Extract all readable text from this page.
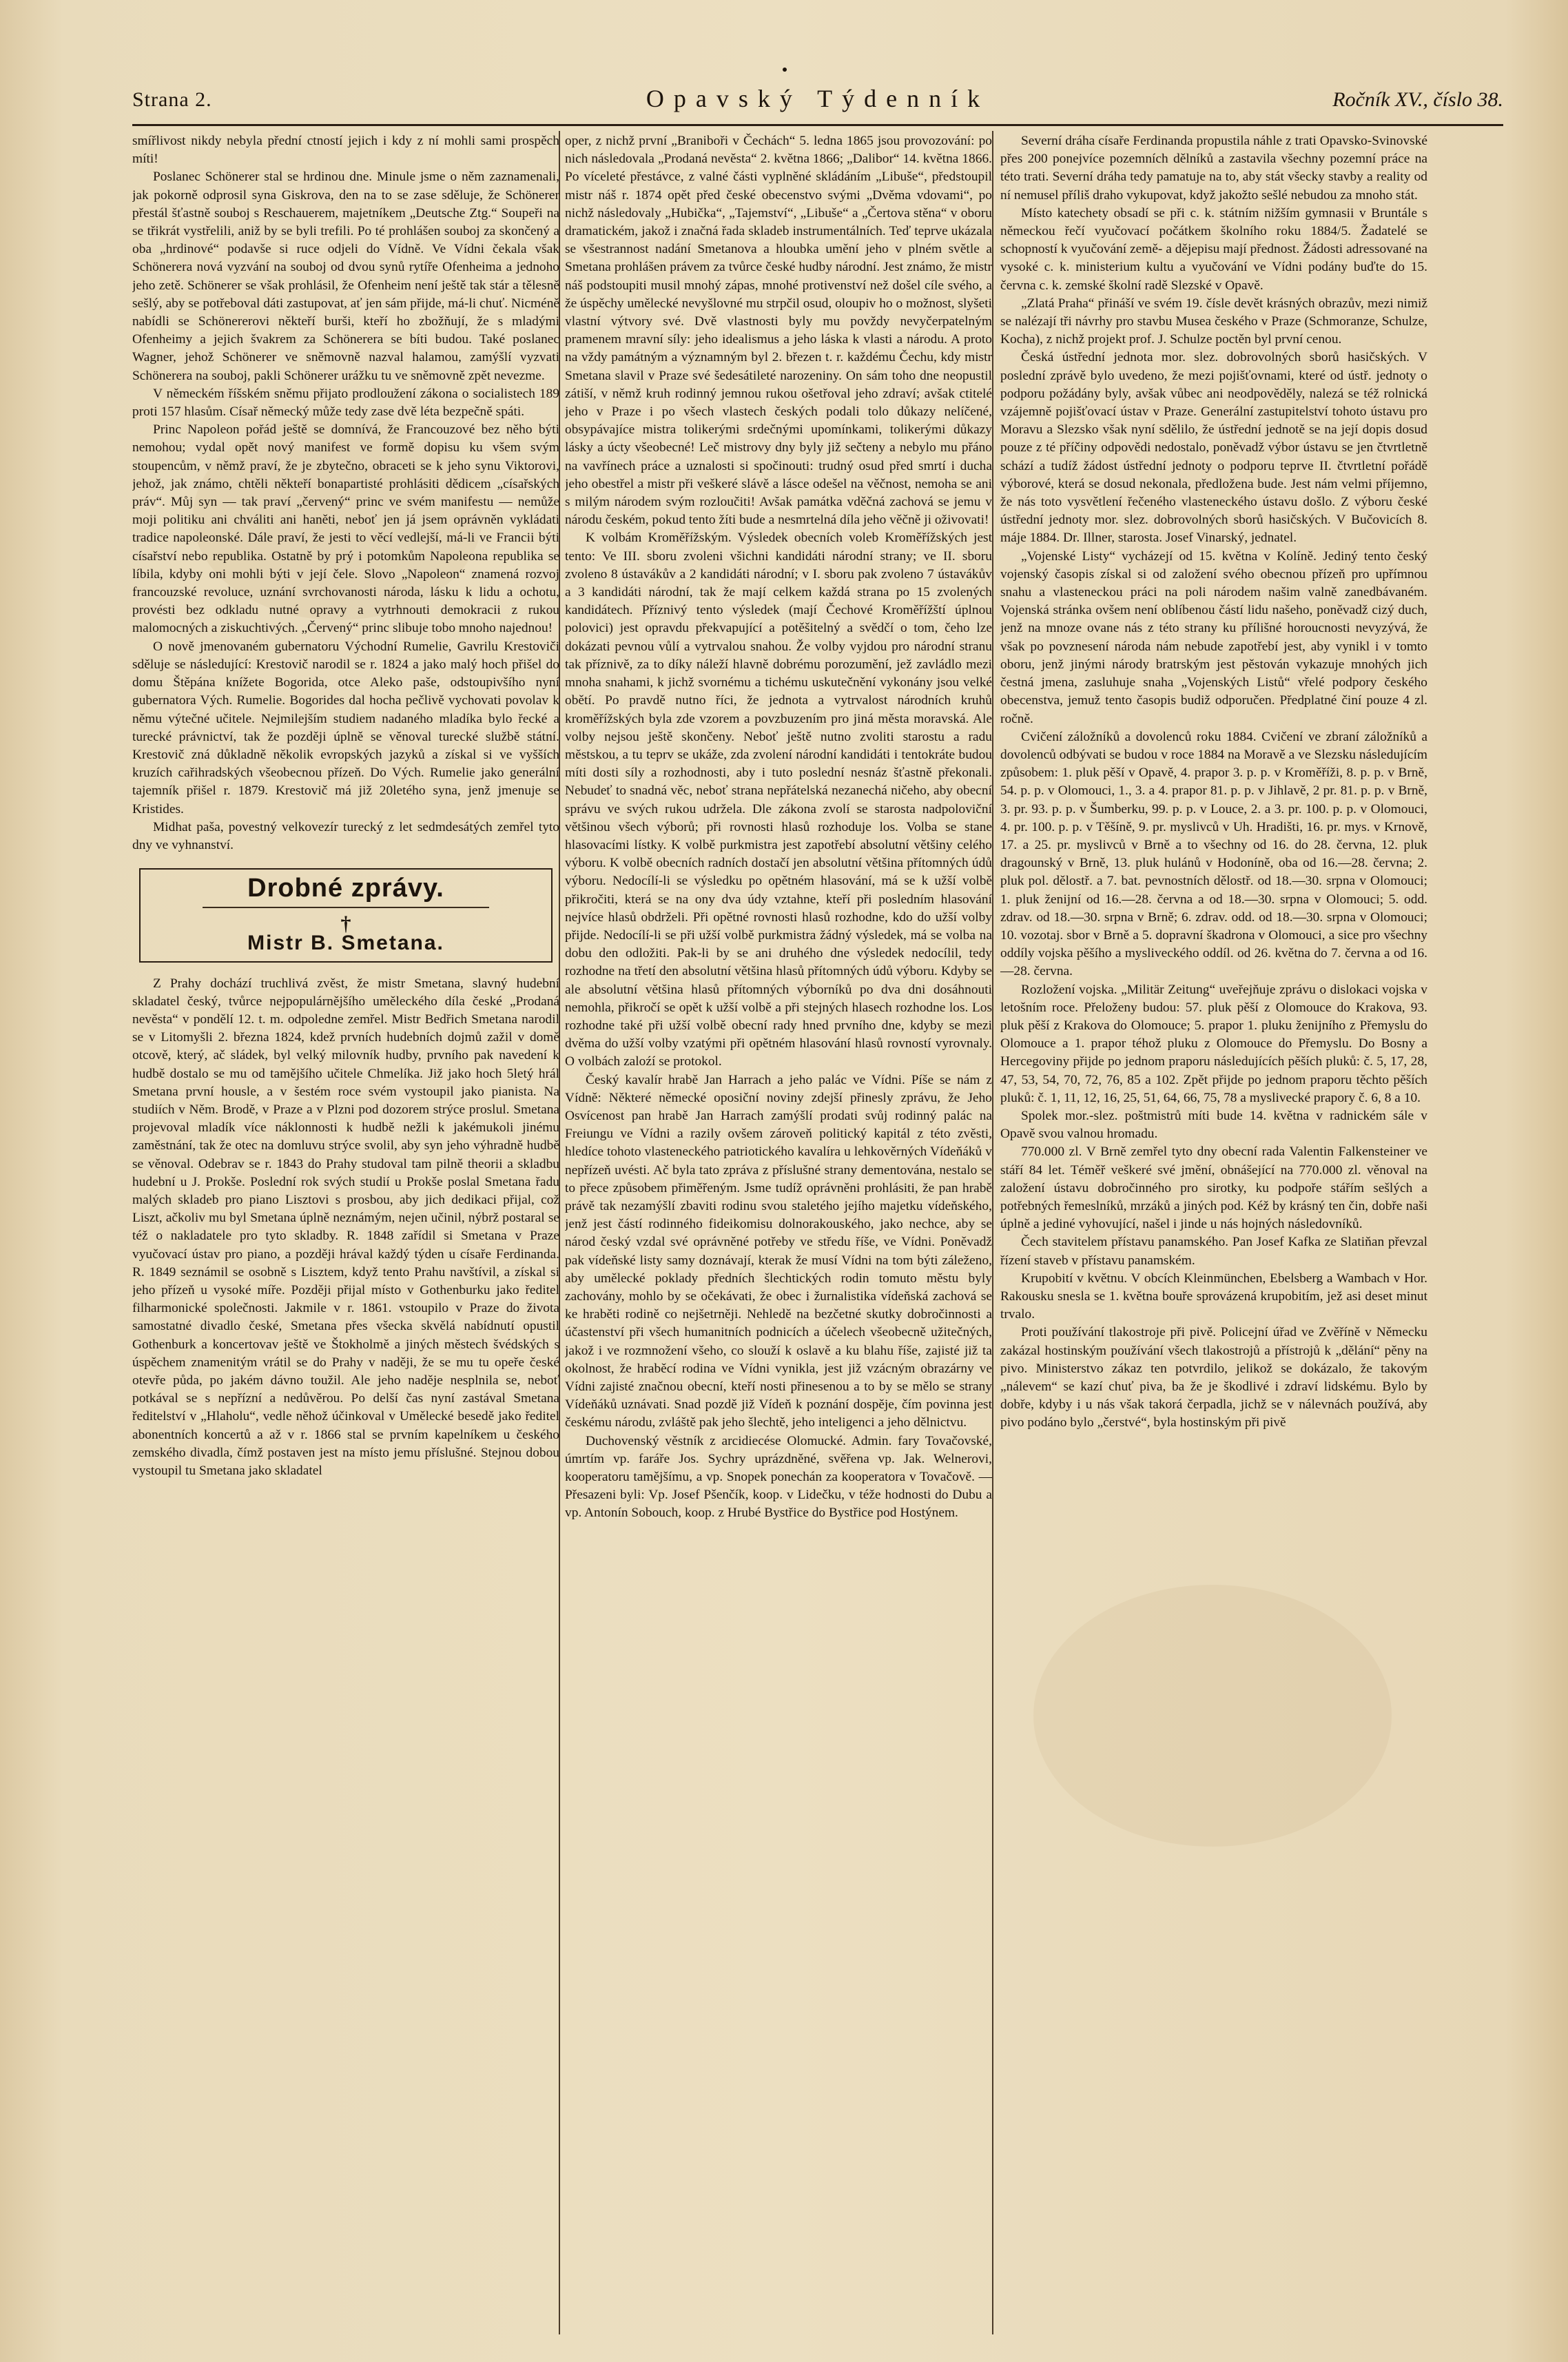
Strana 2.	Opavský Týdenník	Ročník XV., číslo 38.

smířlivost nikdy nebyla přední ctností jejich i kdy z ní mohli sami prospěch míti!

Poslanec Schönerer stal se hrdinou dne. Minule jsme o něm zaznamenali, jak pokorně odprosil syna Giskrova, den na to se zase sděluje, že Schönerer přestál šťastně souboj s Reschauerem, majetníkem „Deutsche Ztg.“ Soupeři na se třikrát vystřelili, aniž by se byli trefili. Po té prohlášen souboj za skončený a oba „hrdinové“ podavše si ruce odjeli do Vídně. Ve Vídni čekala však Schönerera nová vyzvání na souboj od dvou synů rytíře Ofenheima a jednoho jeho zetě. Schönerer se však prohlásil, že Ofenheim není ještě tak stár a tělesně sešlý, aby se potřeboval dáti zastupovat, ať jen sám přijde, má-li chuť. Nicméně nabídli se Schönererovi někteří burši, kteří ho zbožňují, že s mladými Ofenheimy a jejich švakrem za Schönerera se bíti budou. Také poslanec Wagner, jehož Schönerer ve sněmovně nazval halamou, zamýšlí vyzvati Schönerera na souboj, pakli Schönerer urážku tu ve sněmovně zpět nevezme.

V německém říšském sněmu přijato prodloužení zákona o socialistech 189 proti 157 hlasům. Císař německý může tedy zase dvě léta bezpečně spáti.

Princ Napoleon pořád ještě se domnívá, že Francouzové bez něho býti nemohou; vydal opět nový manifest ve formě dopisu ku všem svým stoupencům, v němž praví, že je zbytečno, obraceti se k jeho synu Viktorovi, jehož, jak známo, chtěli někteří bonapartisté prohlásiti dědicem „císařských práv“. Můj syn — tak praví „červený“ princ ve svém manifestu — nemůže moji politiku ani chváliti ani haněti, neboť jen já jsem oprávněn vykládati tradice napoleonské. Dále praví, že jesti to věcí vedlejší, má-li ve Francii býti císařství nebo republika. Ostatně by prý i potomkům Napoleona republika se líbila, kdyby oni mohli býti v její čele. Slovo „Napoleon“ znamená rozvoj francouzské revoluce, uznání svrchovanosti národa, lásku k lidu a ochotu, provésti bez odkladu nutné opravy a vytrhnouti demokracii z rukou malomocných a ziskuchtivých. „Červený“ princ slibuje tobo mnoho najednou!

O nově jmenovaném gubernatoru Východní Rumelie, Gavrilu Krestoviči sděluje se následující: Krestovič narodil se r. 1824 a jako malý hoch přišel do domu Štěpána knížete Bogorida, otce Aleko paše, odstoupivšího nyní gubernatora Vých. Rumelie. Bogorides dal hocha pečlivě vychovati povolav k němu výtečné učitele. Nejmilejším studiem nadaného mladíka bylo řecké a turecké právnictví, tak že později úplně se věnoval turecké službě státní. Krestovič zná důkladně několik evropských jazyků a získal si ve vyšších kruzích cařihradských všeobecnou přízeň. Do Vých. Rumelie jako generální tajemník přišel r. 1879. Krestovič má již 20letého syna, jenž jmenuje se Kristides.

Midhat paša, povestný velkovezír turecký z let sedmdesátých zemřel tyto dny ve vyhnanství.

Drobné zprávy.
†
Mistr B. Smetana.

Z Prahy dochází truchlivá zvěst, že mistr Smetana, slavný hudební skladatel český, tvůrce nejpopulárnějšího uměleckého díla české „Prodaná nevěsta“ v pondělí 12. t. m. odpoledne zemřel. Mistr Bedřich Smetana narodil se v Litomyšli 2. března 1824, kdež prvních hudebních dojmů zažil v domě otcově, který, ač sládek, byl velký milovník hudby, prvního pak navedení k hudbě dostalo se mu od tamějšího učitele Chmelíka. Již jako hoch 5letý hrál Smetana první housle, a v šestém roce svém vystoupil jako pianista. Na studiích v Něm. Brodě, v Praze a v Plzni pod dozorem strýce proslul. Smetana projevoval mladík více náklonnosti k hudbě nežli k jakémukoli jinému zaměstnání, tak že otec na domluvu strýce svolil, aby syn jeho výhradně hudbě se věnoval. Odebrav se r. 1843 do Prahy studoval tam pilně theorii a skladbu hudební u J. Prokše. Poslední rok svých studií u Prokše poslal Smetana řadu malých skladeb pro piano Lisztovi s prosbou, aby jich dedikaci přijal, což Liszt, ačkoliv mu byl Smetana úplně neznámým, nejen učinil, nýbrž postaral se též o nakladatele pro tyto skladby. R. 1848 zařídil si Smetana v Praze vyučovací ústav pro piano, a později hrával každý týden u císaře Ferdinanda. R. 1849 seznámil se osobně s Lisztem, když tento Prahu navštívil, a získal si jeho přízeň u vysoké míře. Později přijal místo v Gothenburku jako ředitel filharmonické společnosti. Jakmile v r. 1861. vstoupilo v Praze do života samostatné divadlo české, Smetana přes všecka skvělá nabídnutí opustil Gothenburk a koncertovav ještě ve Štokholmě a jiných městech švédských s úspěchem znamenitým vrátil se do Prahy v naději, že se mu tu opeře české otevře půda, po jakém dávno toužil. Ale jeho naděje nesplnila se, neboť potkával se s nepřízní a nedůvěrou. Po delší čas nyní zastával Smetana ředitelství v „Hlaholu“, vedle něhož účinkoval v Umělecké besedě jako ředitel abonentních koncertů a až v r. 1866 stal se prvním kapelníkem u českého zemského divadla, čímž postaven jest na místo jemu příslušné. Stejnou dobou vystoupil tu Smetana jako skladatel

oper, z nichž první „Braniboři v Čechách“ 5. ledna 1865 jsou provozování: po nich následovala „Prodaná nevěsta“ 2. května 1866; „Dalibor“ 14. května 1866. Po víceleté přestávce, z valné části vyplněné skládáním „Libuše“, předstoupil mistr náš r. 1874 opět před české obecenstvo svými „Dvěma vdovami“, po nichž následovaly „Hubička“, „Tajemství“, „Libuše“ a „Čertova stěna“ v oboru dramatickém, jakož i značná řada skladeb instrumentálních. Teď teprve ukázala se všestrannost nadání Smetanova a hloubka umění jeho v plném světle a Smetana prohlášen právem za tvůrce české hudby národní. Jest známo, že mistr náš podstoupiti musil mnohý zápas, mnohé protivenství než došel cíle svého, a že úspěchy umělecké nevyšlovné mu strpčil osud, oloupiv ho o možnost, slyšeti vlastní výtvory své. Dvě vlastnosti byly mu povždy nevyčerpatelným pramenem mravní síly: jeho idealismus a jeho láska k vlasti a národu. A proto na vždy památným a významným byl 2. březen t. r. každému Čechu, kdy mistr Smetana slavil v Praze své šedesátileté narozeniny. On sám toho dne neopustil zátiší, v němž kruh rodinný jemnou rukou ošetřoval jeho zdraví; avšak ctitelé jeho v Praze i po všech vlastech českých podali tolo důkazy nelíčené, obsypávajíce mistra tolikerými srdečnými upomínkami, tolikerými důkazy lásky a úcty všeobecné! Leč mistrovy dny byly již sečteny a nebylo mu přáno na vavřínech práce a uznalosti si spočinouti: trudný osud před smrtí i ducha jeho obestřel a mistr při veškeré slávě a lásce odešel na věčnost, nemoha se ani s milým národem svým rozloučiti! Avšak památka vděčná zachová se jemu v národu českém, pokud tento žíti bude a nesmrtelná díla jeho věčně ji oživovati!

K volbám Kroměřížským. Výsledek obecních voleb Kroměřížských jest tento: Ve III. sboru zvoleni všichni kandidáti národní strany; ve II. sboru zvoleno 8 ústavákův a 2 kandidáti národní; v I. sboru pak zvoleno 7 ústavákův a 3 kandidáti národní, tak že mají celkem každá strana po 15 zvolených kandidátech. Příznivý tento výsledek (mají Čechové Kroměřížští úplnou polovici) jest opravdu překvapující a potěšitelný a svědčí o tom, čeho lze dokázati pevnou vůlí a vytrvalou snahou. Že volby vyjdou pro národní stranu tak příznivě, za to díky náleží hlavně dobrému porozumění, jež zavládlo mezi mnoha snahami, k jichž svornému a tichému uskutečnění vykonány jsou velké obětí. Po pravdě nutno říci, že jednota a vytrvalost národních kruhů kroměřížských byla zde vzorem a povzbuzením pro jiná města moravská. Ale volby nejsou ještě skončeny. Neboť ještě nutno zvoliti starostu a radu městskou, a tu teprv se ukáže, zda zvolení národní kandidáti i tentokráte budou míti dosti síly a rozhodnosti, aby i tuto poslední nesnáz šťastně překonali. Nebudeť to snadná věc, neboť strana nepřátelská nezanechá ničeho, aby obecní správu ve svých rukou udržela. Dle zákona zvolí se starosta nadpoloviční většinou všech výborů; při rovnosti hlasů rozhoduje los. Volba se stane hlasovacími lístky. K volbě purkmistra jest zapotřebí absolutní většiny celého výboru. K volbě obecních radních dostačí jen absolutní většina přítomných údů výboru. Nedocílí-li se výsledku po opětném hlasování, má se k užší volbě přikročiti, která se na ony dva údy vztahne, kteří při posledním hlasování nejvíce hlasů obdrželi. Při opětné rovnosti hlasů rozhodne, kdo do užší volby přijde. Nedocílí-li se při užší volbě purkmistra žádný výsledek, má se volba na dobu den odložiti. Pak-li by se ani druhého dne výsledek nedocílil, tedy rozhodne na třetí den absolutní většina hlasů přítomných údů výboru. Kdyby se ale absolutní většina hlasů přítomných výborníků po dva dni dosáhnouti nemohla, přikročí se opět k užší volbě a při stejných hlasech rozhodne los. Los rozhodne také při užší volbě obecní rady hned prvního dne, kdyby se mezi dvěma do užší volby vzatými při opětném hlasování hlasů rovností vyrovnaly. O volbách zaloźí se protokol.

Český kavalír hrabě Jan Harrach a jeho palác ve Vídni. Píše se nám z Vídně: Některé německé oposiční noviny zdejší přinesly zprávu, že Jeho Osvícenost pan hrabě Jan Harrach zamýšlí prodati svůj rodinný palác na Freiungu ve Vídni a razily ovšem zároveň politický kapitál z této zvěsti, hledíce tohoto vlasteneckého patriotického kavalíra u lehkověrných Vídeňáků v nepřízeň uvésti. Ač byla tato zpráva z příslušné strany dementována, nestalo se to přece způsobem přiměřeným. Jsme tudíž oprávněni prohlásiti, že pan hrabě právě tak nezamýšlí zbaviti rodinu svou staletého jejího majetku vídeňského, jenž jest částí rodinného fideikomisu dolnorakouského, jako nechce, aby se národ český vzdal své oprávněné potřeby ve středu říše, ve Vídni. Poněvadž pak vídeňské listy samy doznávají, kterak že musí Vídni na tom býti záleženo, aby umělecké poklady předních šlechtických rodin tomuto městu byly zachovány, mohlo by se očekávati, že obec i žurnalistika vídeňská zachová se ke hraběti rodině co nejšetrněji. Nehledě na bezčetné skutky dobročinnosti a účastenství při všech humanitních podnicích a účelech všeobecně užitečných, jakož i ve rozmnožení všeho, co slouží k oslavě a ku blahu říše, zajisté již ta okolnost, že hraběcí rodina ve Vídni vynikla, jest již vzácným obrazárny ve Vídni zajisté značnou obecní, kteří nosti přinesenou a to by se mělo se strany Vídeňáků uznávati. Snad pozdě již Vídeň k poznání dospěje, čím povinna jest českému národu, zvláště pak jeho šlechtě, jeho inteligenci a jeho dělnictvu.

Duchovenský věstník z arcidiecése Olomucké. Admin. fary Tovačovské, úmrtím vp. faráře Jos. Sychry uprázdněné, svěřena vp. Jak. Welnerovi, kooperatoru tamějšímu, a vp. Snopek ponechán za kooperatora v Tovačově. — Přesazeni byli: Vp. Josef Pšenčík, koop. v Lidečku, v téže hodnosti do Dubu a vp. Antonín Sobouch, koop. z Hrubé Bystřice do Bystřice pod Hostýnem.

Severní dráha císaře Ferdinanda propustila náhle z trati Opavsko-Svinovské přes 200 ponejvíce pozemních dělníků a zastavila všechny pozemní práce na této trati. Severní dráha tedy pamatuje na to, aby stát všecky stavby a reality od ní nemusel příliš draho vykupovat, když jakožto sešlé nebudou za mnoho stát.

Místo katechety obsadí se při c. k. státním nižším gymnasii v Bruntále s německou řečí vyučovací počátkem školního roku 1884/5. Žadatelé se schopností k vyučování země- a dějepisu mají přednost. Žádosti adressované na vysoké c. k. ministerium kultu a vyučování ve Vídni podány buďte do 15. června c. k. zemské školní radě Slezské v Opavě.

„Zlatá Praha“ přináší ve svém 19. čísle devět krásných obrazův, mezi nimiž se nalézají tři návrhy pro stavbu Musea českého v Praze (Schmoranze, Schulze, Kocha), z nichž projekt prof. J. Schulze poctěn byl první cenou.

Česká ústřední jednota mor. slez. dobrovolných sborů hasičských. V poslední zprávě bylo uvedeno, že mezi pojišťovnami, které od ústř. jednoty o podporu požádány byly, avšak vůbec ani neodpověděly, nalezá se též rolnická vzájemně pojišťovací ústav v Praze. Generální zastupitelství tohoto ústavu pro Moravu a Slezsko však nyní sdělilo, že ústřední jednotě se na její dopis dosud pouze z té příčiny odpovědi nedostalo, poněvadž výbor ústavu se jen čtvrtletně schází a tudíž žádost ústřední jednoty o podporu teprve II. čtvrtletní pořádě výborové, která se dosud nekonala, předložena bude. Jest nám velmi příjemno, že nás toto vysvětlení řečeného vlasteneckého ústavu došlo. Z výboru české ústřední jednoty mor. slez. dobrovolných sborů hasičských. V Bučovicích 8. máje 1884. Dr. Illner, starosta. Josef Vinarský, jednatel.

„Vojenské Listy“ vycházejí od 15. května v Kolíně. Jediný tento český vojenský časopis získal si od založení svého obecnou přízeň pro upřímnou snahu a vlasteneckou práci na poli národem našim valně zanedbávaném. Vojenská stránka ovšem není oblíbenou částí lidu našeho, poněvadž cizý duch, jenž na mnoze ovane nás z této strany ku přílišné horoucnosti nevyzývá, že však po povznesení národa nám nebude zapotřebí jest, aby vynikl i v tomto oboru, jenž jinými národy bratrským jest pěstován vykazuje mnohých jich čestná jmena, zasluhuje snaha „Vojenských Listů“ vřelé podpory českého obecenstva, jemuž tento časopis budiž odporučen. Předplatné činí pouze 4 zl. ročně.

Cvičení záložníků a dovolenců roku 1884. Cvičení ve zbraní záložníků a dovolenců odbývati se budou v roce 1884 na Moravě a ve Slezsku následujícím způsobem: 1. pluk pěší v Opavě, 4. prapor 3. p. p. v Kroměříži, 8. p. p. v Brně, 54. p. p. v Olomouci, 1., 3. a 4. prapor 81. p. p. v Jihlavě, 2 pr. 81. p. p. v Brně, 3. pr. 93. p. p. v Šumberku, 99. p. p. v Louce, 2. a 3. pr. 100. p. p. v Olomouci, 4. pr. 100. p. p. v Těšíně, 9. pr. myslivců v Uh. Hradišti, 16. pr. mys. v Krnově, 17. a 25. pr. myslivců v Brně a to všechny od 16. do 28. června, 12. pluk dragounský v Brně, 13. pluk hulánů v Hodoníně, oba od 16.—28. června; 2. pluk pol. dělostř. a 7. bat. pevnostních dělostř. od 18.—30. srpna v Olomouci; 1. pluk ženijní od 16.—28. června a od 18.—30. srpna v Olomouci; 5. odd. zdrav. od 18.—30. srpna v Brně; 6. zdrav. odd. od 18.—30. srpna v Olomouci; 10. vozotaj. sbor v Brně a 5. dopravní škadrona v Olomouci, a sice pro všechny oddíly vojska pěšího a mysliveckého oddíl. od 26. května do 7. června a od 16.—28. června.

Rozložení vojska. „Militär Zeitung“ uveřejňuje zprávu o dislokaci vojska v letošním roce. Přeloženy budou: 57. pluk pěší z Olomouce do Krakova, 93. pluk pěší z Krakova do Olomouce; 5. prapor 1. pluku ženijního z Přemyslu do Olomouce a 1. prapor téhož pluku z Olomouce do Přemyslu. Do Bosny a Hercegoviny přijde po jednom praporu následujících pěších pluků: č. 5, 17, 28, 47, 53, 54, 70, 72, 76, 85 a 102. Zpět přijde po jednom praporu těchto pěších pluků: č. 1, 11, 12, 16, 25, 51, 64, 66, 75, 78 a myslivecké prapory č. 6, 8 a 10.

Spolek mor.-slez. poštmistrů míti bude 14. května v radnickém sále v Opavě svou valnou hromadu.

770.000 zl. V Brně zemřel tyto dny obecní rada Valentin Falkensteiner ve stáří 84 let. Téměř veškeré své jmění, obnášející na 770.000 zl. věnoval na založení ústavu dobročinného pro sirotky, ku podpoře stářím sešlých a potřebných řemeslníků, mrzáků a jiných pod. Kéž by krásný ten čin, dobře naši úplně a jediné vyhovující, našel i jinde u nás hojných následovníků.

Čech stavitelem přístavu panamského. Pan Josef Kafka ze Slatiňan převzal řízení staveb v přístavu panamském.

Krupobití v květnu. V obcích Kleinmünchen, Ebelsberg a Wambach v Hor. Rakousku snesla se 1. května bouře sprovázená krupobitím, jež asi deset minut trvalo.

Proti používání tlakostroje při pivě. Policejní úřad ve Zvěříně v Německu zakázal hostinským používání všech tlakostrojů a přístrojů k „dělání“ pěny na pivo. Ministerstvo zákaz ten potvrdilo, jelikož se dokázalo, že takovým „nálevem“ se kazí chuť piva, ba že je škodlivé i zdraví lidskému. Bylo by dobře, kdyby i u nás však takorá čerpadla, jichž se v nálevnách používá, aby pivo podáno bylo „čerstvé“, byla hostinským při pivě
